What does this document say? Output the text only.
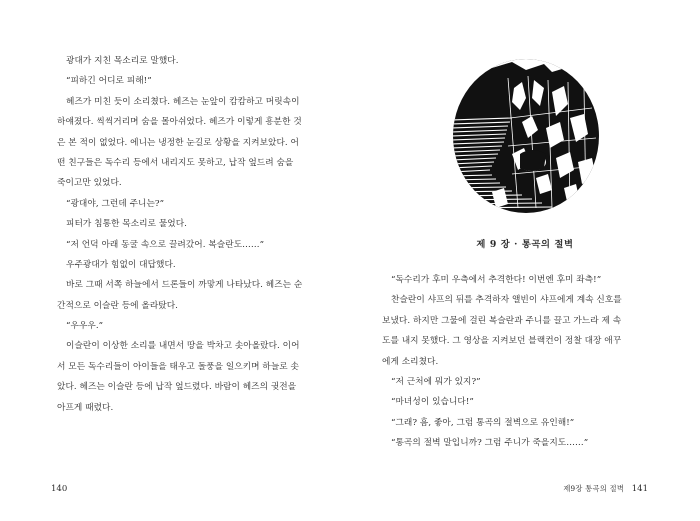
광대가 지친 목소리로 말했다.
“피하긴 어디로 피해!”
헤즈가 미친 듯이 소리쳤다. 헤즈는 눈앞이 캄캄하고 머릿속이
하얘졌다. 씩씩거리며 숨을 몰아쉬었다. 헤즈가 이렇게 흥분한 것
은 본 적이 없었다. 에니는 냉정한 눈길로 상황을 지켜보았다. 어
떤 친구들은 독수리 등에서 내리지도 못하고, 납작 엎드려 숨을
죽이고만 있었다.
“광대야, 그런데 주니는?”
피터가 침통한 목소리로 물었다.
“저 언덕 아래 동굴 속으로 끌려갔어. 복슬란도……”
우주광대가 힘없이 대답했다.
바로 그때 서쪽 하늘에서 드론들이 까맣게 나타났다. 헤즈는 순
간적으로 이슬란 등에 올라탔다.
“우우우.”
이슬란이 이상한 소리를 내면서 땅을 박차고 솟아올랐다. 이어
서 모든 독수리들이 아이들을 태우고 돌풍을 일으키며 하늘로 솟
았다. 헤즈는 이슬란 등에 납작 엎드렸다. 바람이 헤즈의 귓전을
아프게 때렸다.
140
제 9 장 · 통곡의 절벽
“독수리가 후미 우측에서 추격한다! 이번엔 후미 좌측!”
찬슬란이 샤프의 뒤를 추격하자 앨빈이 샤프에게 계속 신호를
보냈다. 하지만 그물에 걸린 복슬란과 주니를 끌고 가느라 제 속
도를 내지 못했다. 그 영상을 지켜보던 블랙컨이 정찰 대장 애꾸
에게 소리쳤다.
“저 근처에 뭐가 있지?”
“마녀성이 있습니다!”
“그래? 흠, 좋아, 그럼 통곡의 절벽으로 유인해!”
“통곡의 절벽 말입니까? 그럼 주니가 죽을지도……”
제9장 통곡의 절벽 141
